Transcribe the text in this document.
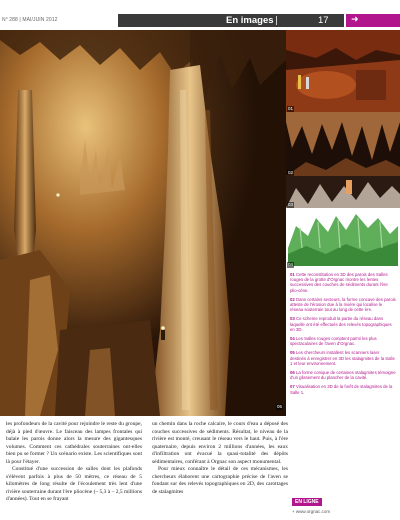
N° 288 | MAI/JUIN 2012	En images	17 ➜
05
01
02
03
04

01 Cette reconstitution en 3D des parois des Salles rouges de la grotte d'Orgnac montre les lentes successives des couches de sédiments durant l'ère plio-cène.

02 Dans certains secteurs, la forme concave des parois atteste de l'érosion due à la rivière qui localise le réseau souterrain tout au long de cette ère.

03 Ce scheme reproduit la partie du réseau dans laquelle ont été effectués des relevés topographiques en 3D.

04 Les Salles rouges comptent parmi les plus spectaculaires de l'aven d'Orgnac.

05 Les chercheurs installent les scanners laser destinés à enregistrer en 3D les stalagmites de la Salle 1 et leur environnement.

06 La forme conique de certaines stalagmites témoigne d'un glissement du plancher de la cavité.

07 Visualisation en 3D de la forêt de stalagmites de la Salle 1.

les profondeurs de la cavité pour rejoindre le reste du groupe, déjà à pied d'œuvre. Le faisceau des lampes frontales qui balaie les parois donne alors la mesure des gigantesques volumes. Comment ces cathédrales souterraines ont-elles bien pu se former ? Un scénario existe. Les scientifiques sont là pour l'étayer.

Constitué d'une succession de salles dont les plafonds s'élèvent parfois à plus de 50 mètres, ce réseau de 5 kilomètres de long résulte de l'écoulement très lent d'une rivière souterraine durant l'ère pliocène (– 5,3 à – 2,5 millions d'années). Tout en se frayant

un chemin dans la roche calcaire, le cours d'eau a déposé des couches successives de sédiments. Résultat, le niveau de la rivière est monté, creusant le réseau vers le haut. Puis, à l'ère quaternaire, depuis environ 2 millions d'années, les eaux d'infiltration ont évacué la quasi-totalité des dépôts sédimentaires, conférant à Orgnac son aspect monumental.

Pour mieux connaître le détail de ces mécanismes, les chercheurs élaborent une cartographie précise de l'aven se fondant sur des relevés topographiques en 2D, des carottages de stalagmites

EN LIGNE
+ www.orgnac.com
